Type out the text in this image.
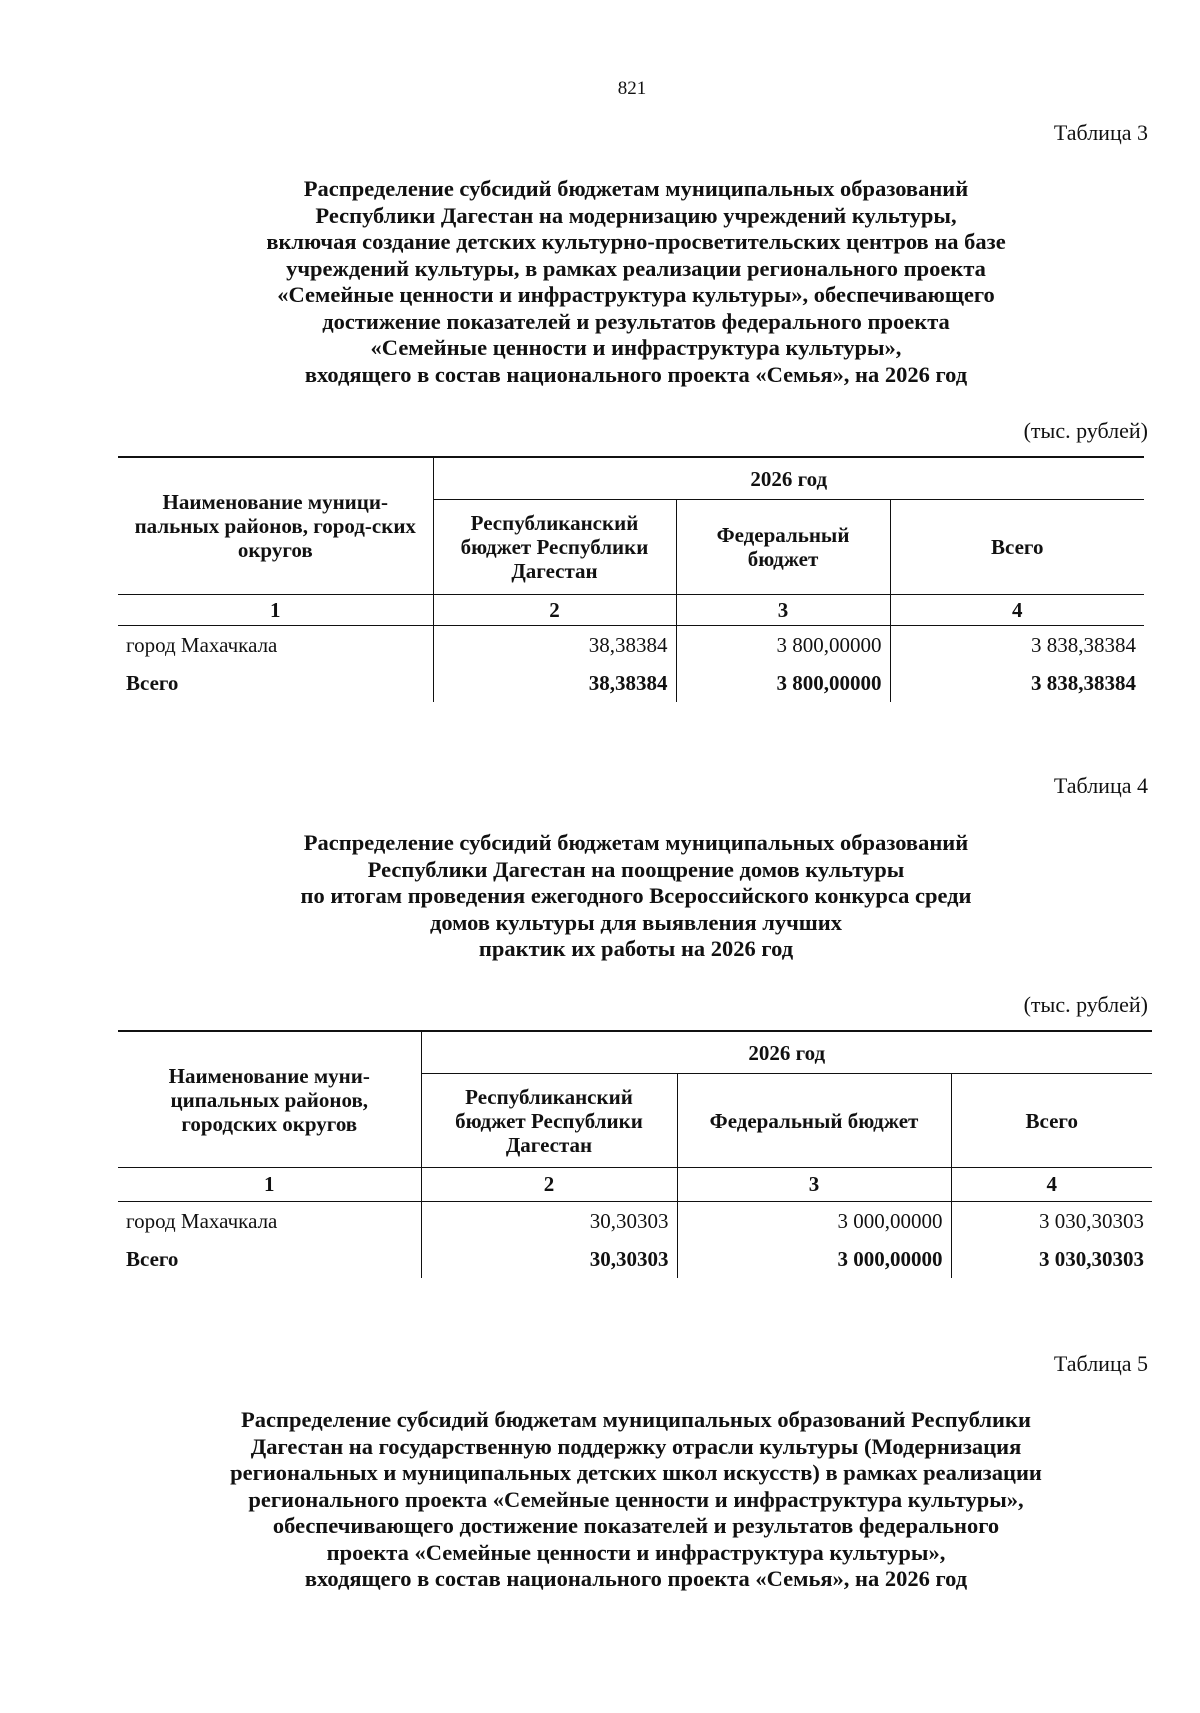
821
Таблица 3
Распределение субсидий бюджетам муниципальных образований
Республики Дагестан на модернизацию учреждений культуры,
включая создание детских культурно-просветительских центров на базе
учреждений культуры, в рамках реализации регионального проекта
«Семейные ценности и инфраструктура культуры», обеспечивающего
достижение показателей и результатов федерального проекта
«Семейные ценности и инфраструктура культуры»,
входящего в состав национального проекта «Семья», на 2026 год
(тыс. рублей)

Наименование муници-пальных районов, город-ских округов	2026 год		
	Республиканский бюджет Республики Дагестан	Федеральный бюджет	Всего
1	2	3	4
город Махачкала	38,38384	3 800,00000	3 838,38384
Всего	38,38384	3 800,00000	3 838,38384
Таблица 4
Распределение субсидий бюджетам муниципальных образований
Республики Дагестан на поощрение домов культуры
по итогам проведения ежегодного Всероссийского конкурса среди
домов культуры для выявления лучших
практик их работы на 2026 год
(тыс. рублей)

Наименование муни-ципальных районов, городских округов	2026 год		
	Республиканский бюджет Республики Дагестан	Федеральный бюджет	Всего
1	2	3	4
город Махачкала	30,30303	3 000,00000	3 030,30303
Всего	30,30303	3 000,00000	3 030,30303
Таблица 5
Распределение субсидий бюджетам муниципальных образований Республики
Дагестан на государственную поддержку отрасли культуры (Модернизация
региональных и муниципальных детских школ искусств) в рамках реализации
регионального проекта «Семейные ценности и инфраструктура культуры»,
обеспечивающего достижение показателей и результатов федерального
проекта «Семейные ценности и инфраструктура культуры»,
входящего в состав национального проекта «Семья», на 2026 год
